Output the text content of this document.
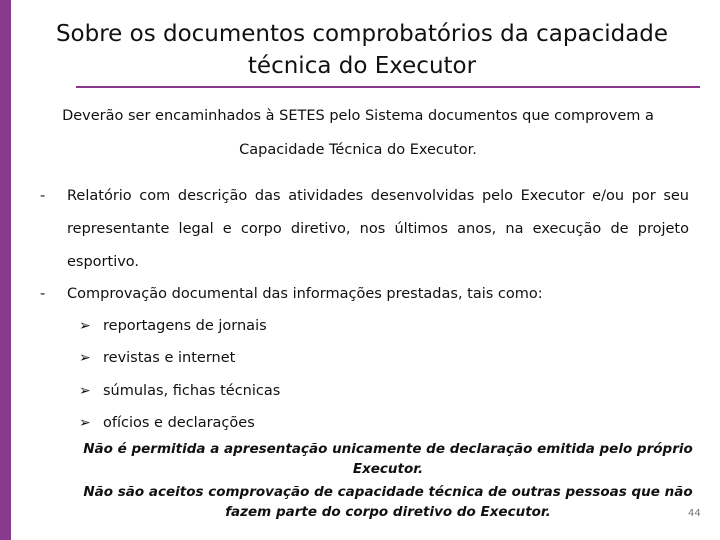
Sobre os documentos comprobatórios da capacidade técnica do Executor
Deverão ser encaminhados à SETES pelo Sistema documentos que comprovem a
Capacidade Técnica do Executor.
- Relatório com descrição das atividades desenvolvidas pelo Executor e/ou por seu
representante legal e corpo diretivo, nos últimos anos, na execução de projeto
esportivo.
- Comprovação documental das informações prestadas, tais como:
➢ reportagens de jornais
➢ revistas e internet
➢ súmulas, fichas técnicas
➢ ofícios e declarações
Não é permitida a apresentação unicamente de declaração emitida pelo próprio Executor.
Não são aceitos comprovação de capacidade técnica de outras pessoas que não fazem parte do corpo diretivo do Executor.	44
